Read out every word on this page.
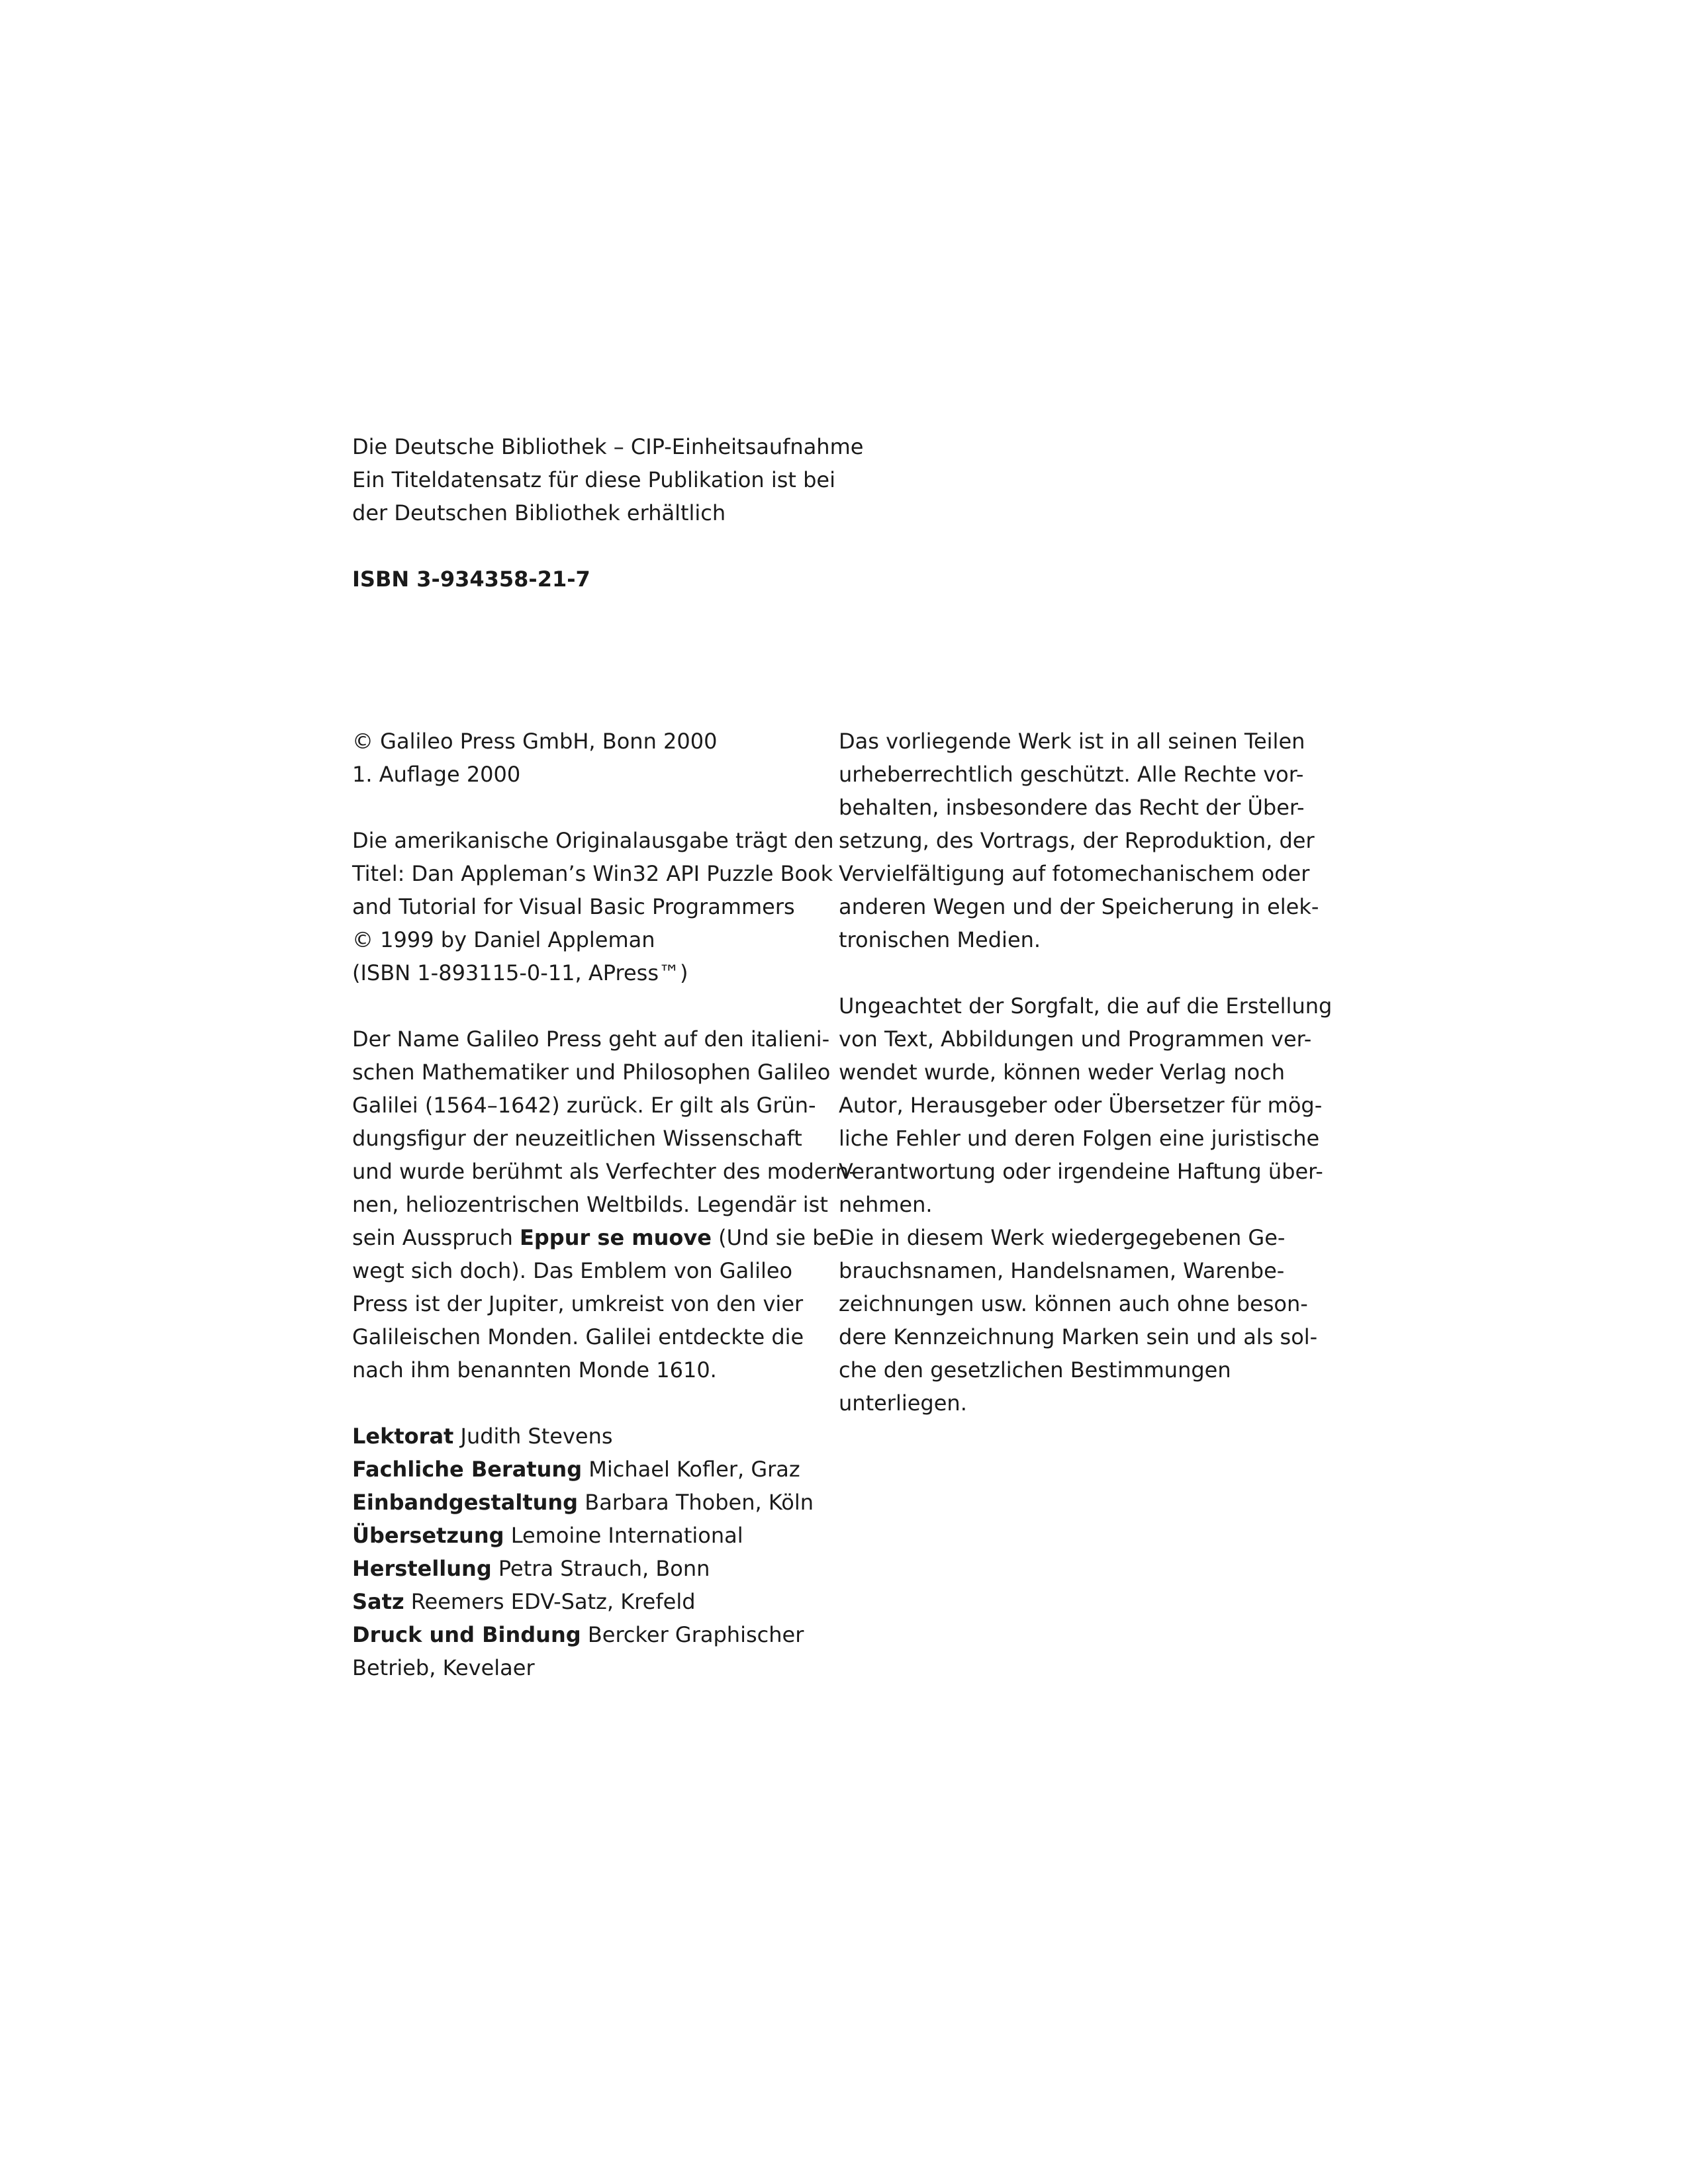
Die Deutsche Bibliothek – CIP-Einheitsaufnahme
Ein Titeldatensatz für diese Publikation ist bei
der Deutschen Bibliothek erhältlich
ISBN 3-934358-21-7
© Galileo Press GmbH, Bonn 2000
1. Auflage 2000
Die amerikanische Originalausgabe trägt den
Titel: Dan Appleman’s Win32 API Puzzle Book
and Tutorial for Visual Basic Programmers
© 1999 by Daniel Appleman
(ISBN 1-893115-0-11, APress™)
Der Name Galileo Press geht auf den italieni-
schen Mathematiker und Philosophen Galileo
Galilei (1564–1642) zurück. Er gilt als Grün-
dungsfigur der neuzeitlichen Wissenschaft
und wurde berühmt als Verfechter des modern-
nen, heliozentrischen Weltbilds. Legendär ist
sein Ausspruch Eppur se muove (Und sie be-
wegt sich doch). Das Emblem von Galileo
Press ist der Jupiter, umkreist von den vier
Galileischen Monden. Galilei entdeckte die
nach ihm benannten Monde 1610.
Lektorat Judith Stevens
Fachliche Beratung Michael Kofler, Graz
Einbandgestaltung Barbara Thoben, Köln
Übersetzung Lemoine International
Herstellung Petra Strauch, Bonn
Satz Reemers EDV-Satz, Krefeld
Druck und Bindung Bercker Graphischer
Betrieb, Kevelaer
Das vorliegende Werk ist in all seinen Teilen
urheberrechtlich geschützt. Alle Rechte vor-
behalten, insbesondere das Recht der Über-
setzung, des Vortrags, der Reproduktion, der
Vervielfältigung auf fotomechanischem oder
anderen Wegen und der Speicherung in elek-
tronischen Medien.
Ungeachtet der Sorgfalt, die auf die Erstellung
von Text, Abbildungen und Programmen ver-
wendet wurde, können weder Verlag noch
Autor, Herausgeber oder Übersetzer für mög-
liche Fehler und deren Folgen eine juristische
Verantwortung oder irgendeine Haftung über-
nehmen.
Die in diesem Werk wiedergegebenen Ge-
brauchsnamen, Handelsnamen, Warenbe-
zeichnungen usw. können auch ohne beson-
dere Kennzeichnung Marken sein und als sol-
che den gesetzlichen Bestimmungen
unterliegen.
